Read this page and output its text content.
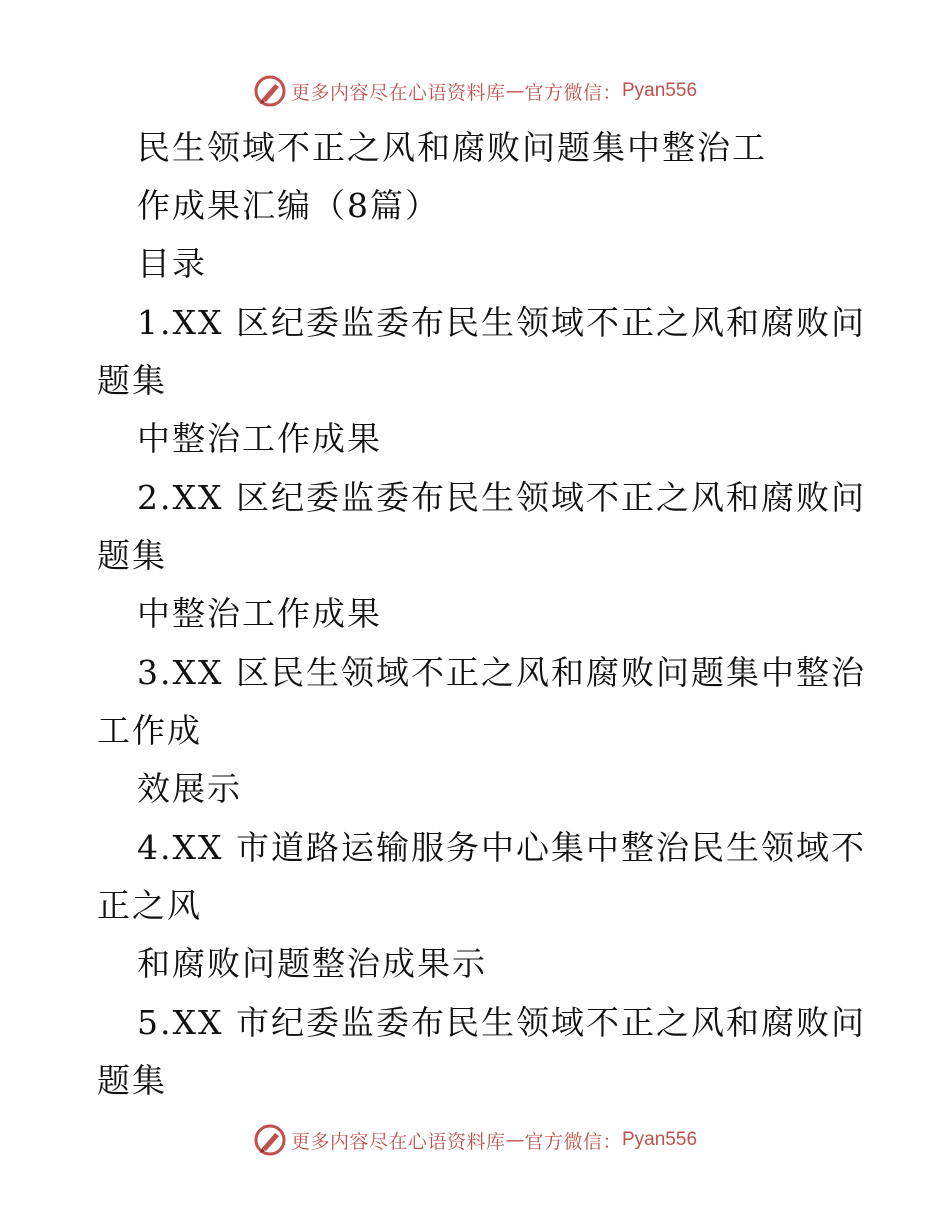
更多内容尽在心语资料库 — 官方微信： Pyan556
民生领域不正之风和腐败问题集中整治工
作成果汇编（8篇）
目录
1.XX 区纪委监委布民生领域不正之风和腐败问
题集
中整治工作成果
2.XX 区纪委监委布民生领域不正之风和腐败问
题集
中整治工作成果
3.XX 区民生领域不正之风和腐败问题集中整治
工作成
效展示
4.XX 市道路运输服务中心集中整治民生领域不
正之风
和腐败问题整治成果示
5.XX 市纪委监委布民生领域不正之风和腐败问
题集
更多内容尽在心语资料库 — 官方微信： Pyan556
